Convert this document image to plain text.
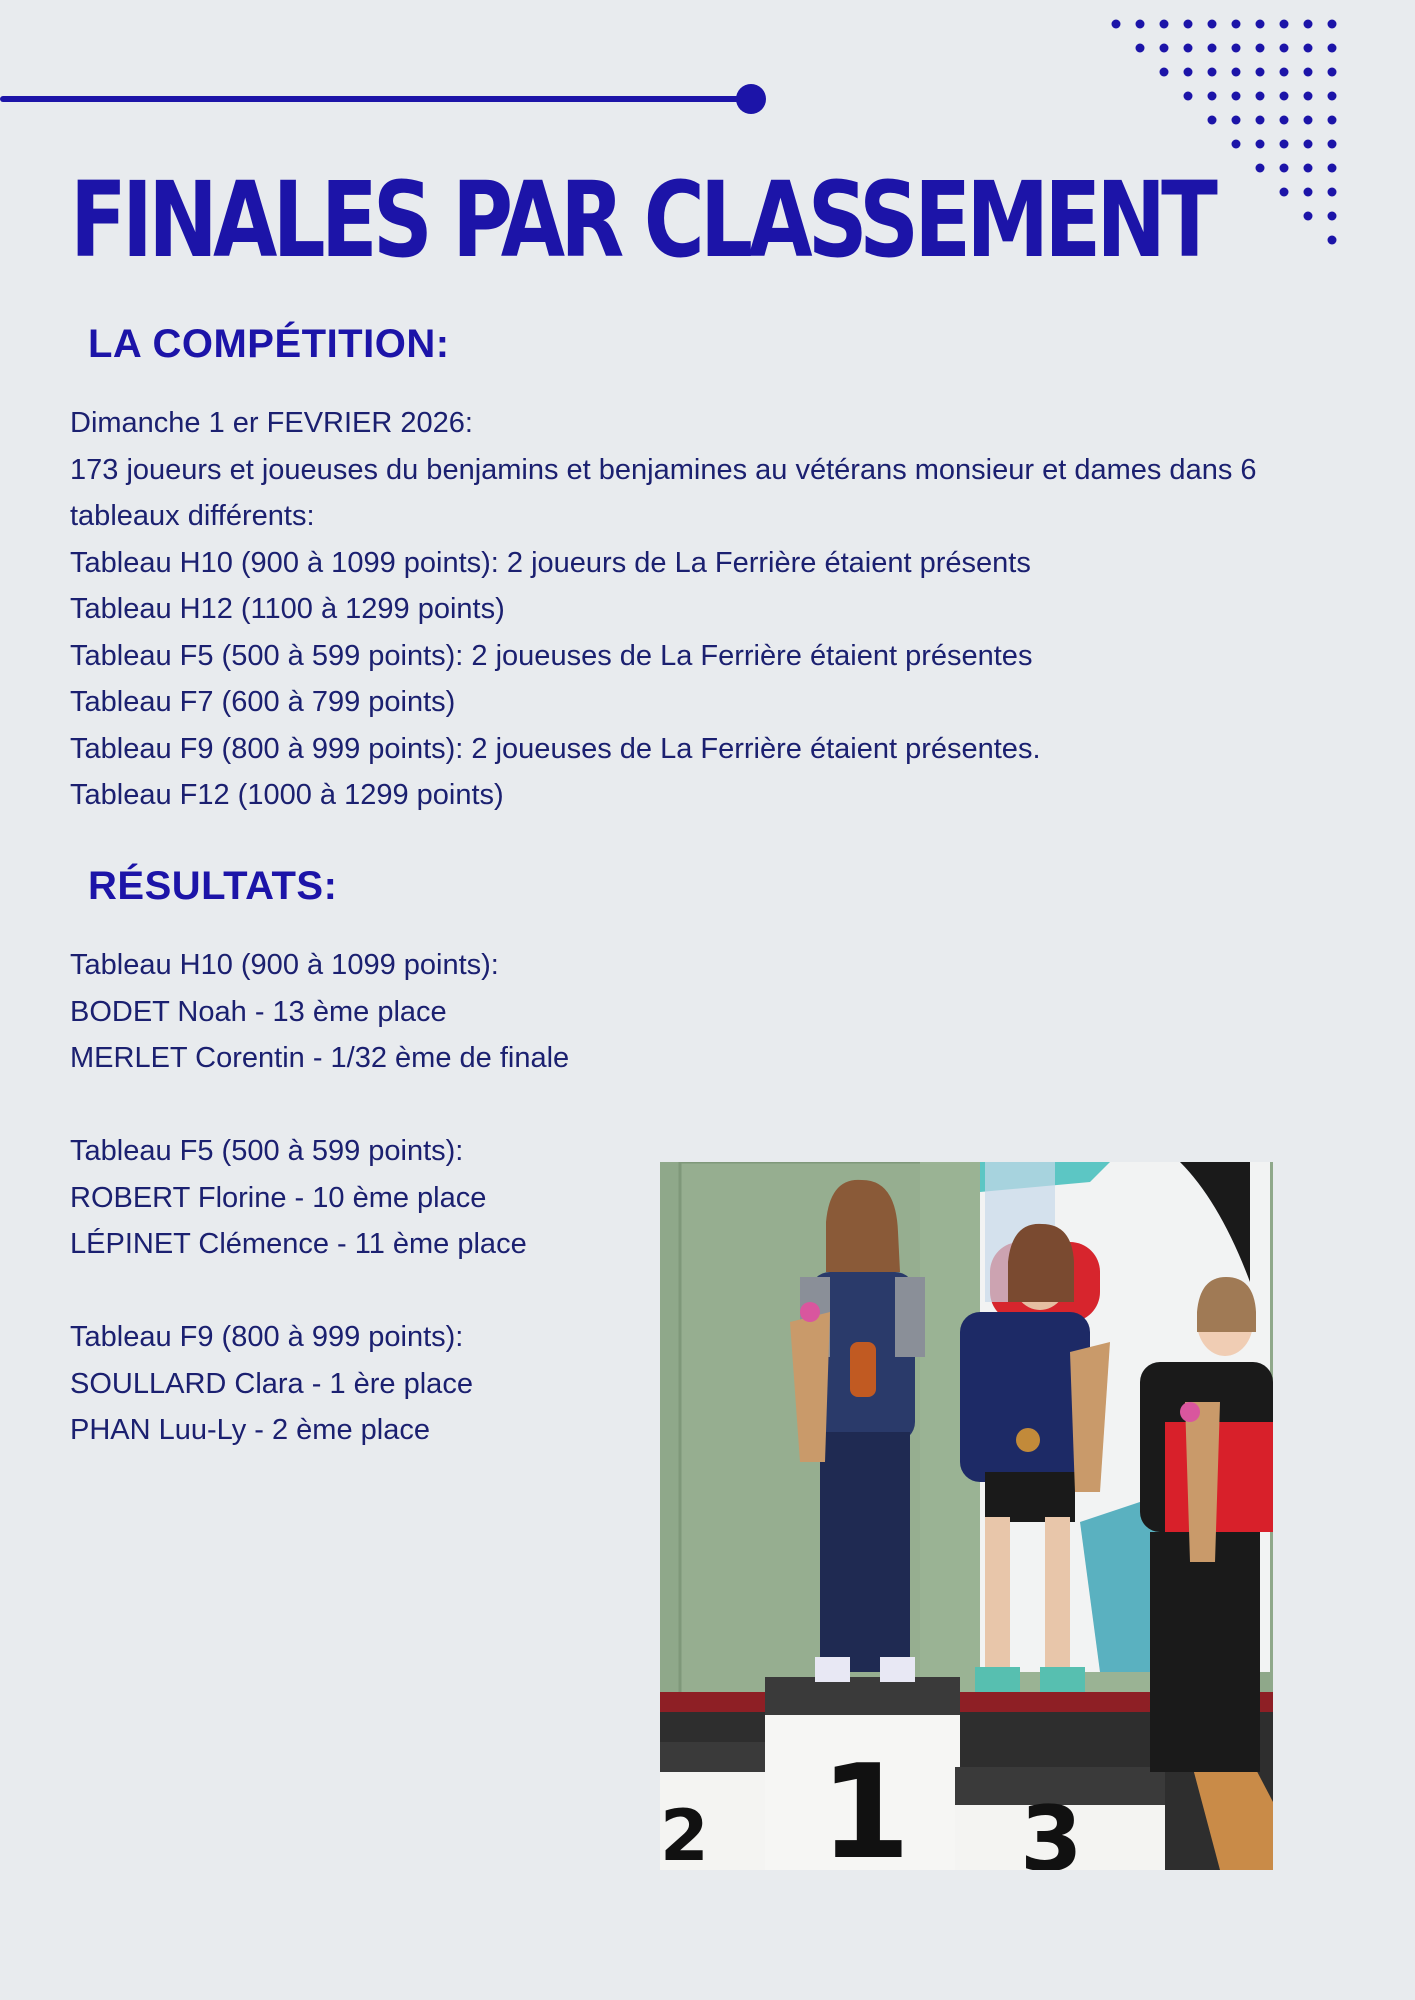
FINALES PAR CLASSEMENT
LA COMPÉTITION:

Dimanche 1 er FEVRIER 2026:

173 joueurs et joueuses du benjamins et benjamines au vétérans monsieur et dames dans 6 tableaux différents:

Tableau H10 (900 à 1099 points): 2 joueurs de La Ferrière étaient présents

Tableau H12 (1100 à 1299 points)

Tableau F5 (500 à 599 points): 2 joueuses de La Ferrière étaient présentes

Tableau F7 (600 à 799 points)

Tableau F9 (800 à 999 points): 2 joueuses de La Ferrière étaient présentes.

Tableau F12 (1000 à 1299 points)

RÉSULTATS:

Tableau H10 (900 à 1099 points):

BODET Noah - 13 ème place

MERLET Corentin - 1/32 ème de finale

Tableau F5 (500 à 599 points):

ROBERT Florine - 10 ème place

LÉPINET Clémence - 11 ème place

Tableau F9 (800 à 999 points):

SOULLARD Clara - 1 ère place

PHAN Luu-Ly - 2 ème place

2 1 3
